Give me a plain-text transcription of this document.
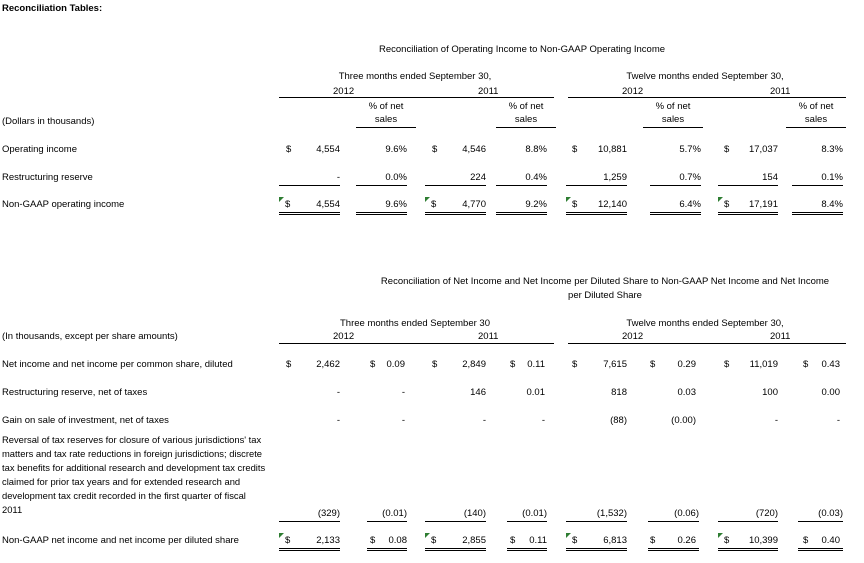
Reconciliation Tables:
Reconciliation of Operating Income to Non-GAAP Operating Income
Three months ended September 30,	Twelve months ended September 30,
2012	2011	2012	2011
% of net
sales
% of net
sales
% of net
sales
% of net
sales
(Dollars in thousands)
Operating income	$	4,554	9.6%	$	4,546	8.8%	$	10,881	5.7% $	17,037	8.3%
Restructuring reserve	-	0.0%	224	0.4%	1,259	0.7%	154	0.1%
Non-GAAP operating income	$	4,554	9.6%	$	4,770	9.2%	$ 12,140	6.4% $ 17,191	8.4%
Reconciliation of Net Income and Net Income per Diluted Share to Non-GAAP Net Income and Net Income
per Diluted Share
Three months ended September 30	Twelve months ended September 30,
2012	2011	2012	2011
(In thousands, except per share amounts)
Net income and net income per common share, diluted	$	2,462	$	0.09	$	2,849	$	0.11	$	7,615 $	0.29	$	11,019	$	0.43
Restructuring reserve, net of taxes	-	-	146	0.01	818	0.03	100	0.00
Gain on sale of investment, net of taxes	-	-	-	-	(88)	(0.00)	-	-
Reversal of tax reserves for closure of various jurisdictions' tax matters and tax rate reductions in foreign jurisdictions; discrete tax benefits for additional research and development tax credits claimed for prior tax years and for extended research and development tax credit recorded in the first quarter of fiscal 2011	(329)	(0.01)	(140)	(0.01)	(1,532)	(0.06)	(720)	(0.03)
Non-GAAP net income and net income per diluted share	$	2,133	$ 0.08	$	2,855	$ 0.11	$	6,813 $ 0.26	$ 10,399	$ 0.40
